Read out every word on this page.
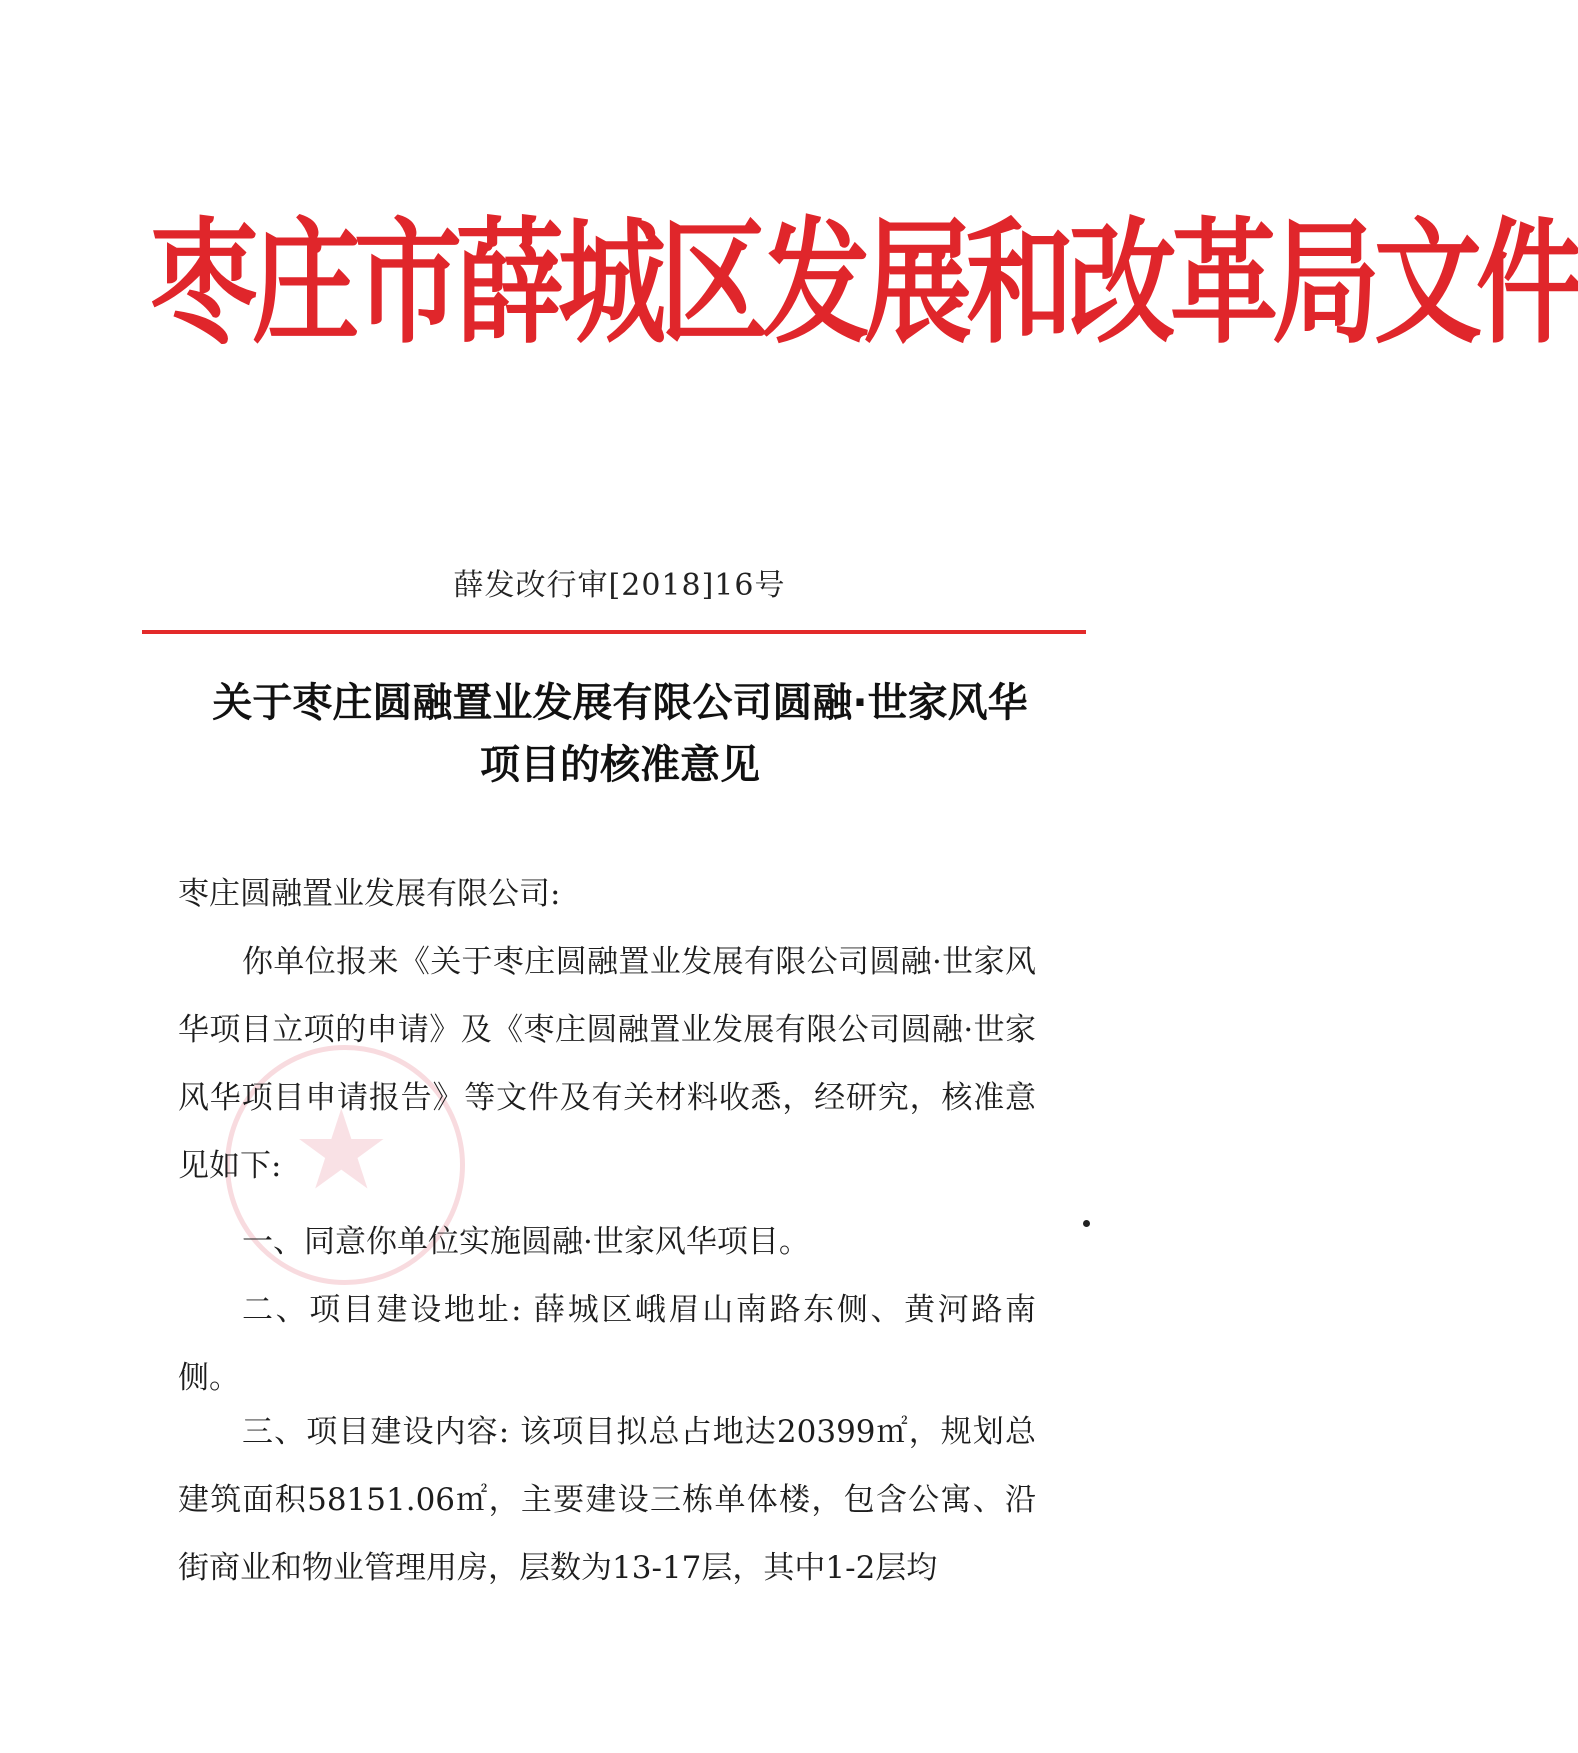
★
枣庄市薛城区发展和改革局文件
薛发改行审[2018]16号
关于枣庄圆融置业发展有限公司圆融·世家风华
项目的核准意见
枣庄圆融置业发展有限公司:

你单位报来《关于枣庄圆融置业发展有限公司圆融·世家风华项目立项的申请》及《枣庄圆融置业发展有限公司圆融·世家风华项目申请报告》等文件及有关材料收悉，经研究，核准意见如下:

一、同意你单位实施圆融·世家风华项目。

二、项目建设地址: 薛城区峨眉山南路东侧、黄河路南侧。

三、项目建设内容: 该项目拟总占地达20399㎡，规划总建筑面积58151.06㎡，主要建设三栋单体楼，包含公寓、沿街商业和物业管理用房，层数为13-17层，其中1-2层均
